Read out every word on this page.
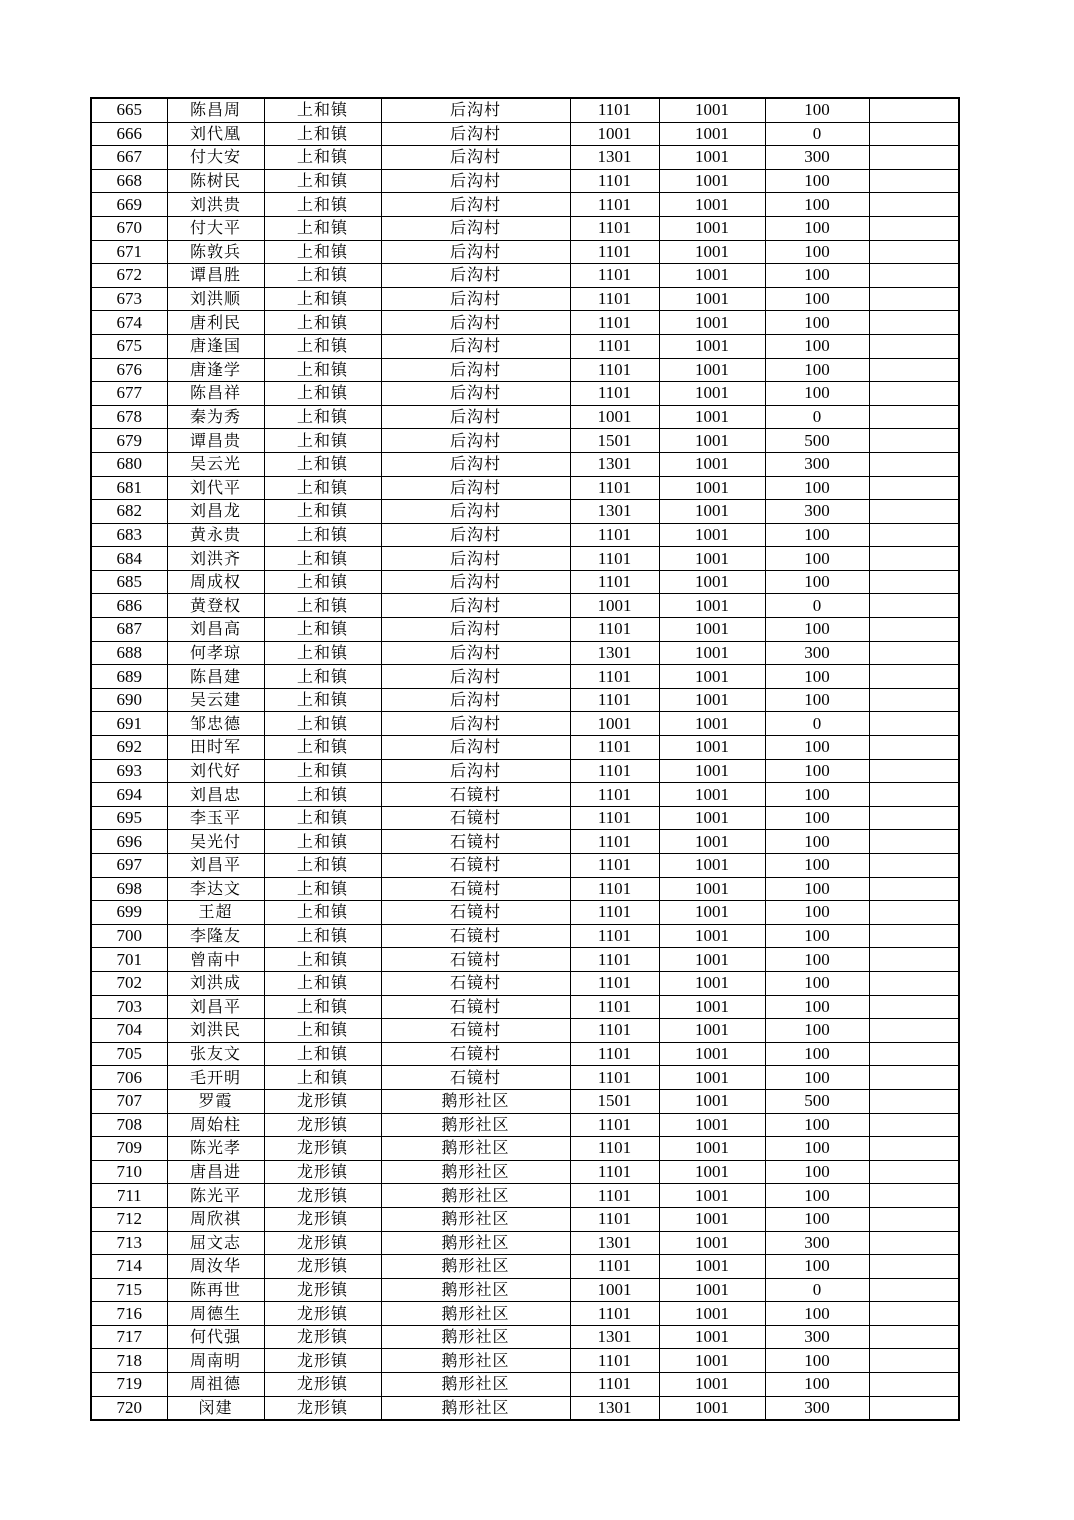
665	陈昌周	上和镇	后沟村	1101	1001	100	
666	刘代凰	上和镇	后沟村	1001	1001	0	
667	付大安	上和镇	后沟村	1301	1001	300	
668	陈树民	上和镇	后沟村	1101	1001	100	
669	刘洪贵	上和镇	后沟村	1101	1001	100	
670	付大平	上和镇	后沟村	1101	1001	100	
671	陈敦兵	上和镇	后沟村	1101	1001	100	
672	谭昌胜	上和镇	后沟村	1101	1001	100	
673	刘洪顺	上和镇	后沟村	1101	1001	100	
674	唐利民	上和镇	后沟村	1101	1001	100	
675	唐逢国	上和镇	后沟村	1101	1001	100	
676	唐逢学	上和镇	后沟村	1101	1001	100	
677	陈昌祥	上和镇	后沟村	1101	1001	100	
678	秦为秀	上和镇	后沟村	1001	1001	0	
679	谭昌贵	上和镇	后沟村	1501	1001	500	
680	吴云光	上和镇	后沟村	1301	1001	300	
681	刘代平	上和镇	后沟村	1101	1001	100	
682	刘昌龙	上和镇	后沟村	1301	1001	300	
683	黄永贵	上和镇	后沟村	1101	1001	100	
684	刘洪齐	上和镇	后沟村	1101	1001	100	
685	周成权	上和镇	后沟村	1101	1001	100	
686	黄登权	上和镇	后沟村	1001	1001	0	
687	刘昌高	上和镇	后沟村	1101	1001	100	
688	何孝琼	上和镇	后沟村	1301	1001	300	
689	陈昌建	上和镇	后沟村	1101	1001	100	
690	吴云建	上和镇	后沟村	1101	1001	100	
691	邹忠德	上和镇	后沟村	1001	1001	0	
692	田时军	上和镇	后沟村	1101	1001	100	
693	刘代好	上和镇	后沟村	1101	1001	100	
694	刘昌忠	上和镇	石镜村	1101	1001	100	
695	李玉平	上和镇	石镜村	1101	1001	100	
696	吴光付	上和镇	石镜村	1101	1001	100	
697	刘昌平	上和镇	石镜村	1101	1001	100	
698	李达文	上和镇	石镜村	1101	1001	100	
699	王超	上和镇	石镜村	1101	1001	100	
700	李隆友	上和镇	石镜村	1101	1001	100	
701	曾南中	上和镇	石镜村	1101	1001	100	
702	刘洪成	上和镇	石镜村	1101	1001	100	
703	刘昌平	上和镇	石镜村	1101	1001	100	
704	刘洪民	上和镇	石镜村	1101	1001	100	
705	张友文	上和镇	石镜村	1101	1001	100	
706	毛开明	上和镇	石镜村	1101	1001	100	
707	罗霞	龙形镇	鹅形社区	1501	1001	500	
708	周始柱	龙形镇	鹅形社区	1101	1001	100	
709	陈光孝	龙形镇	鹅形社区	1101	1001	100	
710	唐昌进	龙形镇	鹅形社区	1101	1001	100	
711	陈光平	龙形镇	鹅形社区	1101	1001	100	
712	周欣祺	龙形镇	鹅形社区	1101	1001	100	
713	屈文志	龙形镇	鹅形社区	1301	1001	300	
714	周汝华	龙形镇	鹅形社区	1101	1001	100	
715	陈再世	龙形镇	鹅形社区	1001	1001	0	
716	周德生	龙形镇	鹅形社区	1101	1001	100	
717	何代强	龙形镇	鹅形社区	1301	1001	300	
718	周南明	龙形镇	鹅形社区	1101	1001	100	
719	周祖德	龙形镇	鹅形社区	1101	1001	100	
720	闵建	龙形镇	鹅形社区	1301	1001	300	
